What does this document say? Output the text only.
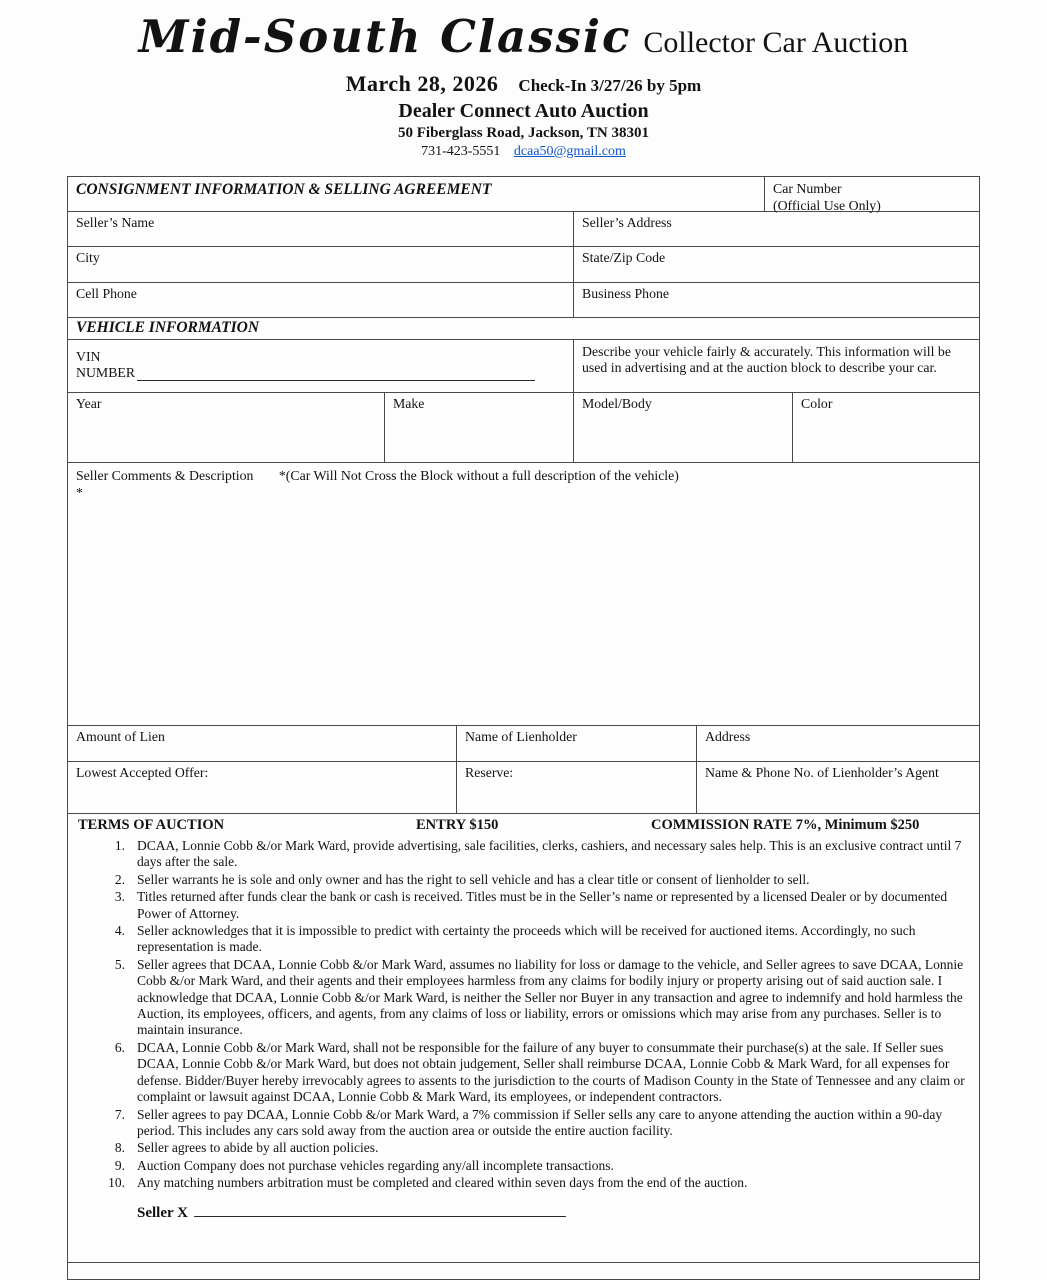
Mid-South Classic Collector Car Auction
March 28, 2026 Check-In 3/27/26 by 5pm
Dealer Connect Auto Auction
50 Fiberglass Road, Jackson, TN 38301
731-423-5551 dcaa50@gmail.com
CONSIGNMENT INFORMATION & SELLING AGREEMENT	Car Number
(Official Use Only)
Seller’s Name	Seller’s Address
City	State/Zip Code
Cell Phone	Business Phone
VEHICLE INFORMATION
VIN
NUMBER
Describe your vehicle fairly & accurately. This information will be used in advertising and at the auction block to describe your car.
Year	Make	Model/Body	Color
Seller Comments & Description *(Car Will Not Cross the Block without a full description of the vehicle)
*
Amount of Lien	Name of Lienholder	Address
Lowest Accepted Offer:	Reserve:	Name & Phone No. of Lienholder’s Agent
TERMS OF AUCTION	ENTRY $150	COMMISSION RATE 7%, Minimum $250
1. DCAA, Lonnie Cobb &/or Mark Ward, provide advertising, sale facilities, clerks, cashiers, and necessary sales help. This is an exclusive contract until 7 days after the sale.
2. Seller warrants he is sole and only owner and has the right to sell vehicle and has a clear title or consent of lienholder to sell.
3. Titles returned after funds clear the bank or cash is received. Titles must be in the Seller’s name or represented by a licensed Dealer or by documented Power of Attorney.
4. Seller acknowledges that it is impossible to predict with certainty the proceeds which will be received for auctioned items. Accordingly, no such representation is made.
5. Seller agrees that DCAA, Lonnie Cobb &/or Mark Ward, assumes no liability for loss or damage to the vehicle, and Seller agrees to save DCAA, Lonnie Cobb &/or Mark Ward, and their agents and their employees harmless from any claims for bodily injury or property arising out of said auction sale. I acknowledge that DCAA, Lonnie Cobb &/or Mark Ward, is neither the Seller nor Buyer in any transaction and agree to indemnify and hold harmless the Auction, its employees, officers, and agents, from any claims of loss or liability, errors or omissions which may arise from any purchases. Seller is to maintain insurance.
6. DCAA, Lonnie Cobb &/or Mark Ward, shall not be responsible for the failure of any buyer to consummate their purchase(s) at the sale. If Seller sues DCAA, Lonnie Cobb &/or Mark Ward, but does not obtain judgement, Seller shall reimburse DCAA, Lonnie Cobb & Mark Ward, for all expenses for defense. Bidder/Buyer hereby irrevocably agrees to assents to the jurisdiction to the courts of Madison County in the State of Tennessee and any claim or complaint or lawsuit against DCAA, Lonnie Cobb & Mark Ward, its employees, or independent contractors.
7. Seller agrees to pay DCAA, Lonnie Cobb &/or Mark Ward, a 7% commission if Seller sells any care to anyone attending the auction within a 90-day period. This includes any cars sold away from the auction area or outside the entire auction facility.
8. Seller agrees to abide by all auction policies.
9. Auction Company does not purchase vehicles regarding any/all incomplete transactions.
10. Any matching numbers arbitration must be completed and cleared within seven days from the end of the auction.
Seller X
